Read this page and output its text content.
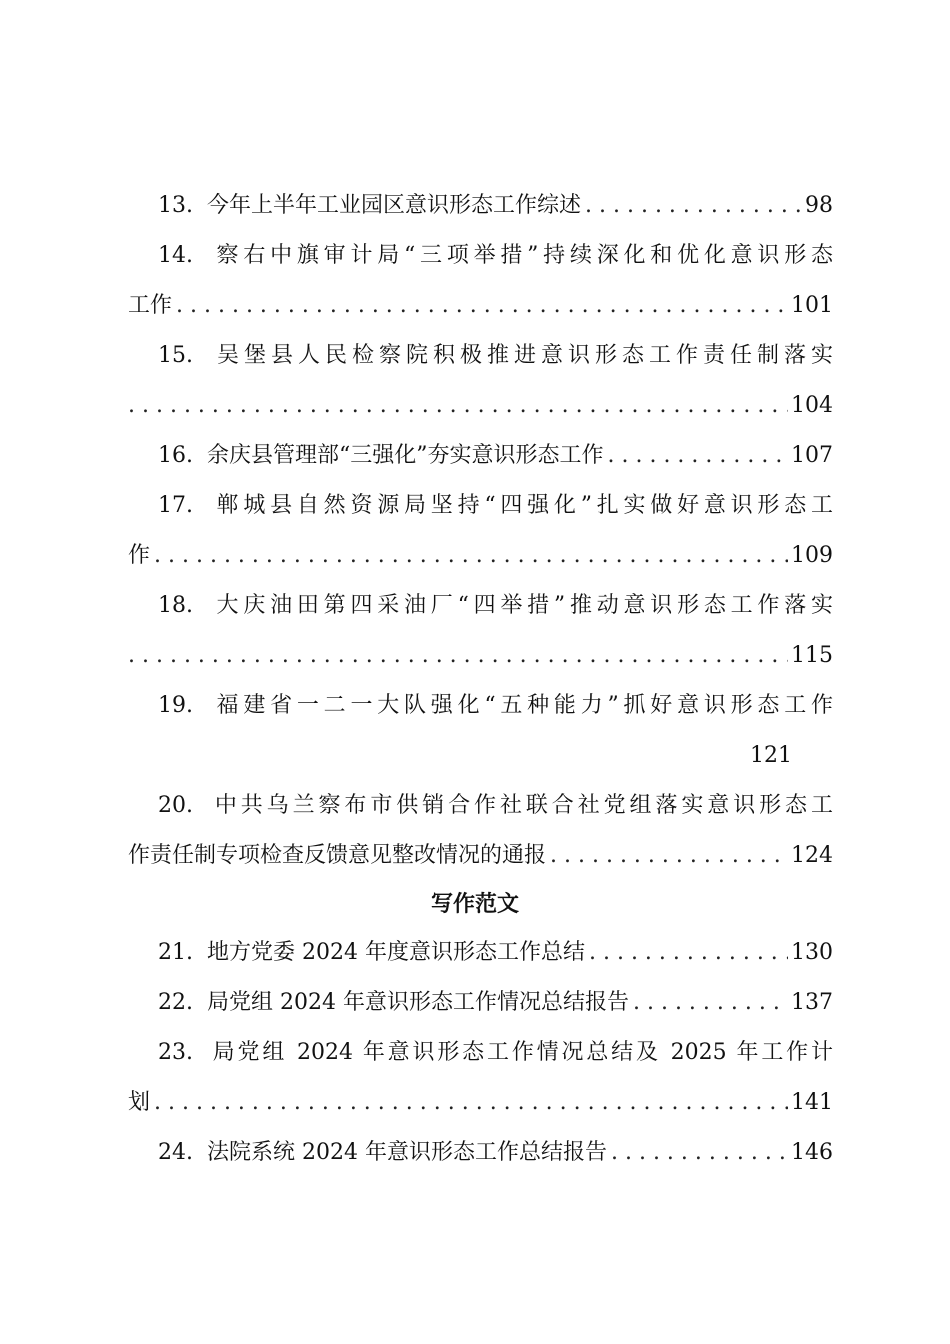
13. 今年上半年工业园区意识形态工作综述 . . .	98
14. 察右中旗审计局“三项举措”持续深化和优化意识形态
工作 . . .	101
15. 吴堡县人民检察院积极推进意识形态工作责任制落实
. . .
104
16. 余庆县管理部“三强化”夯实意识形态工作 . . .	107
17. 郸城县自然资源局坚持“四强化”扎实做好意识形态工
作 . . .	109
18. 大庆油田第四采油厂“四举措”推动意识形态工作落实
. . .
115
19. 福建省一二一大队强化“五种能力”抓好意识形态工作
121
20. 中共乌兰察布市供销合作社联合社党组落实意识形态工
作责任制专项检查反馈意见整改情况的通报 . . .	124
写作范文
21. 地方党委 2024 年度意识形态工作总结 . . .	130
22. 局党组 2024 年意识形态工作情况总结报告 . . .	137
23. 局党组 2024 年意识形态工作情况总结及 2025 年工作计
划 . . .	141
24. 法院系统 2024 年意识形态工作总结报告 . . .	146
